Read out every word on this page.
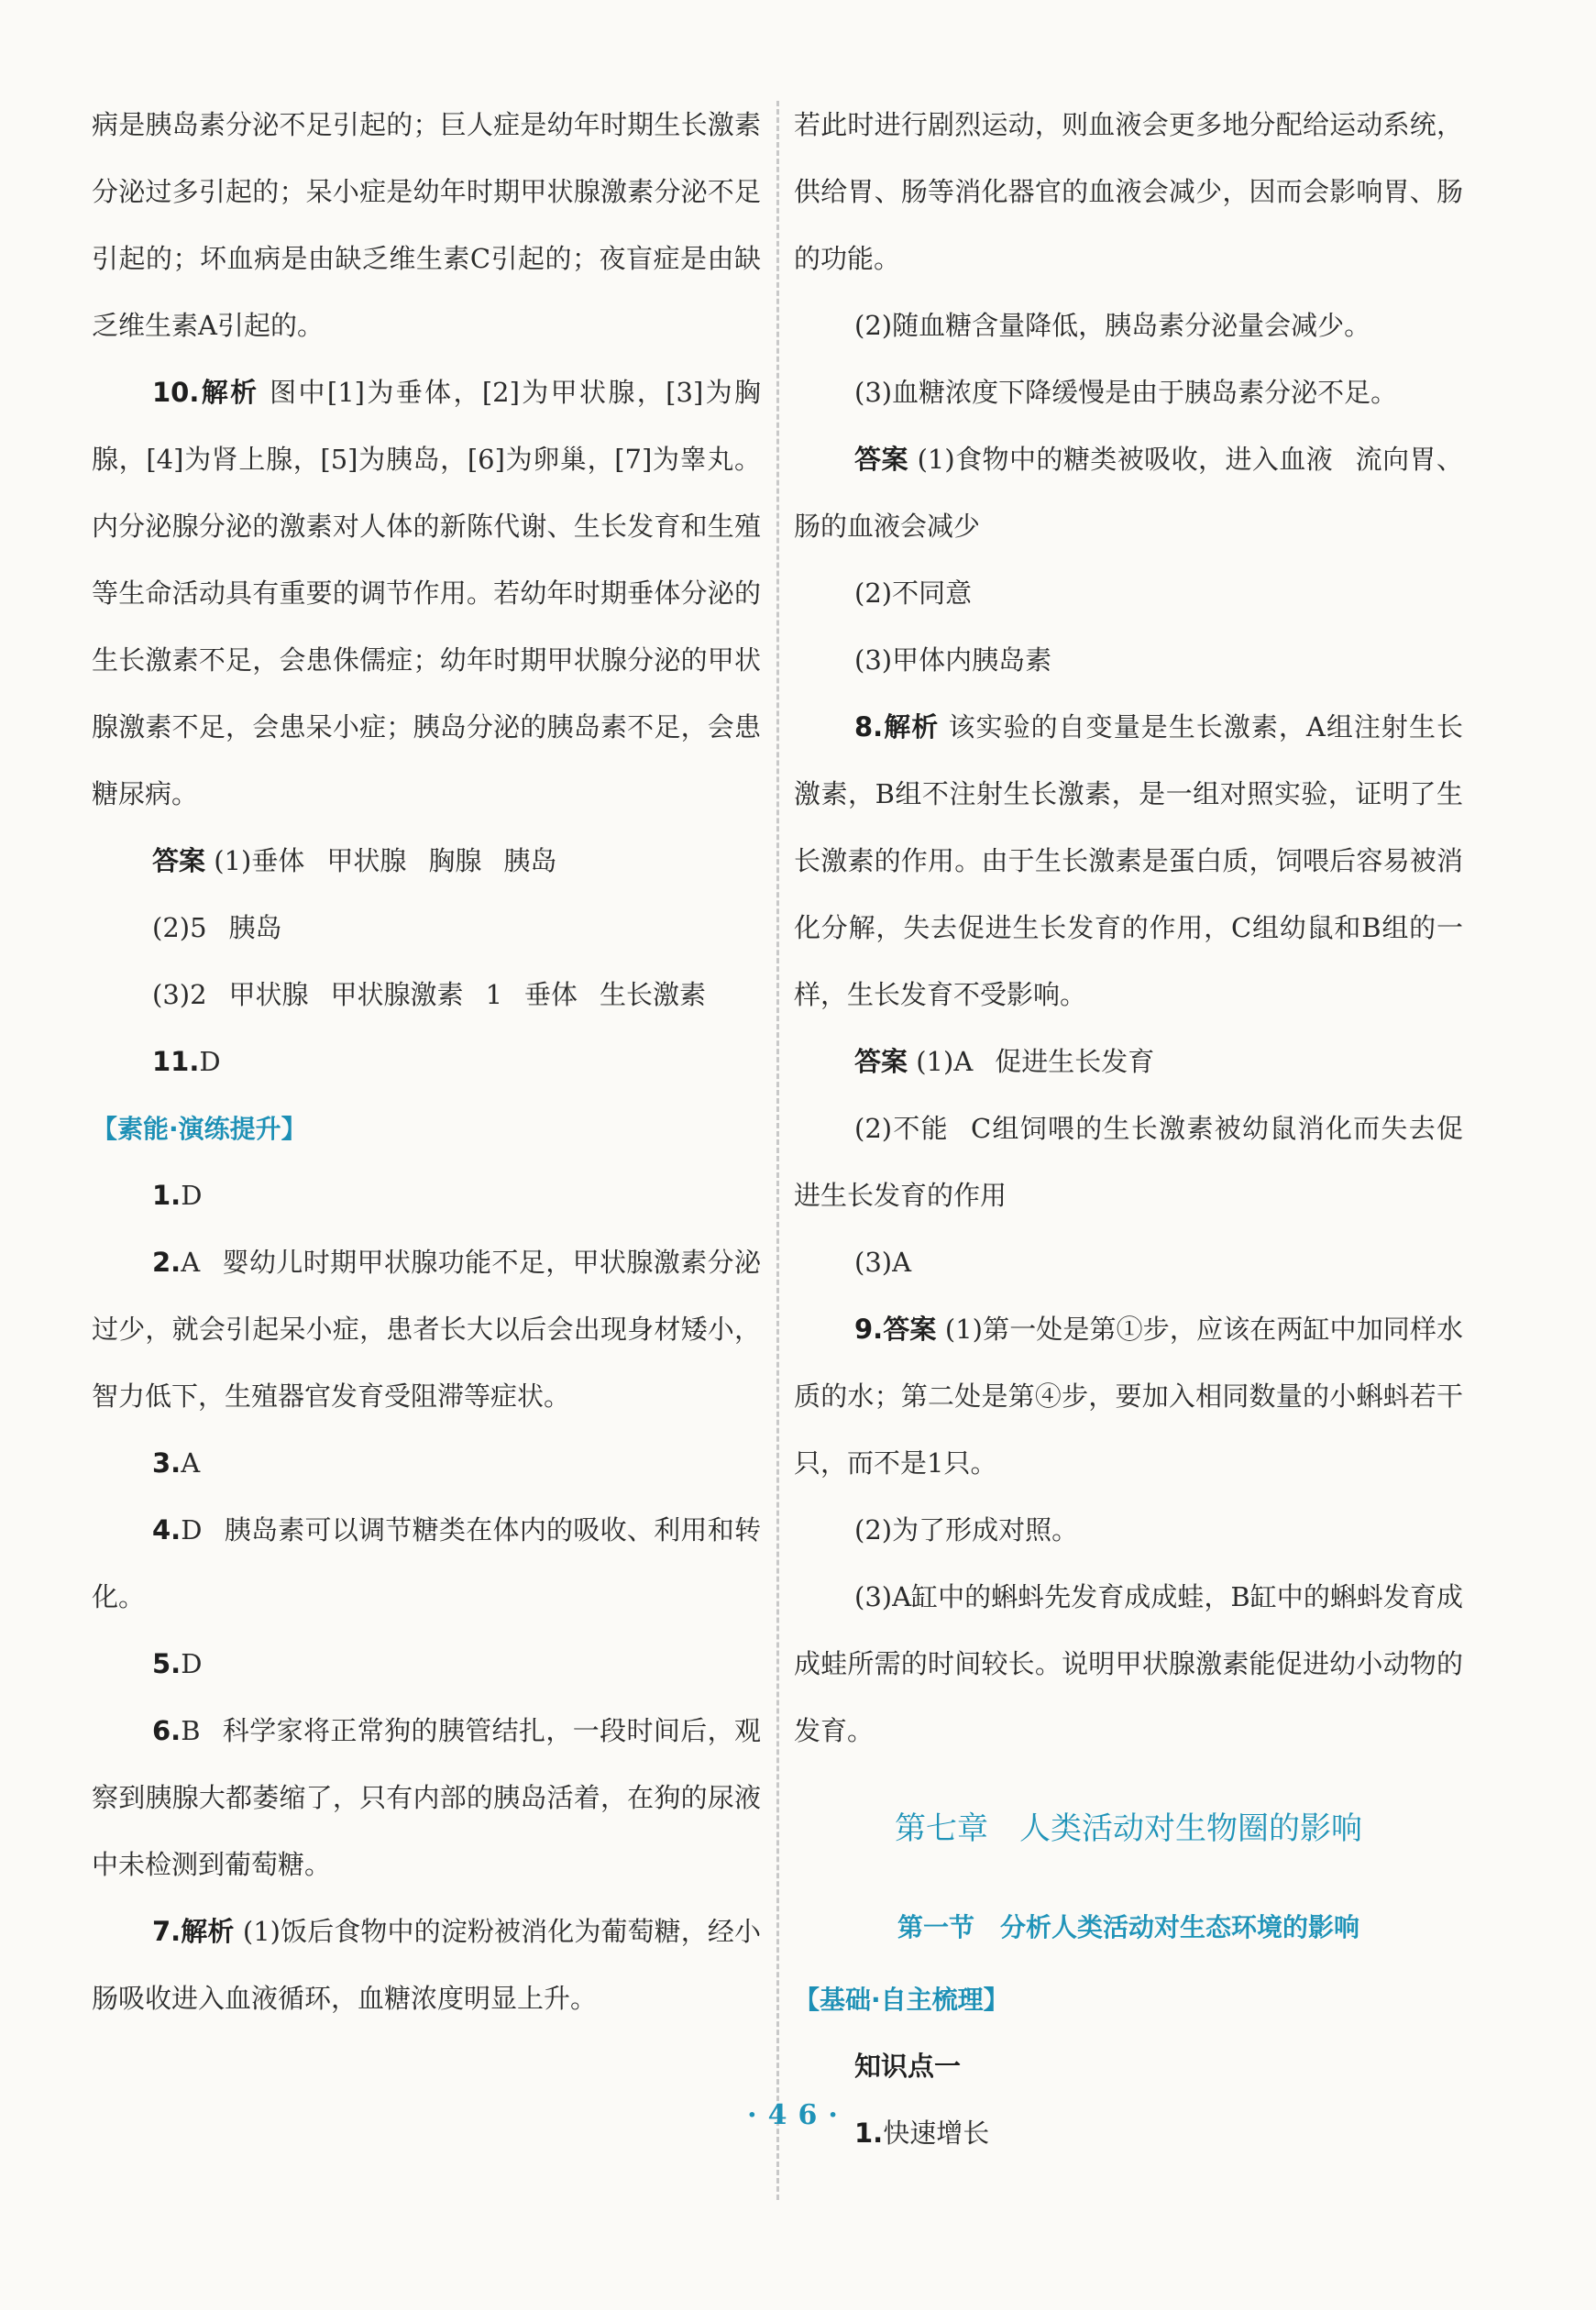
病是胰岛素分泌不足引起的；巨人症是幼年时期生长激素分泌过多引起的；呆小症是幼年时期甲状腺激素分泌不足引起的；坏血病是由缺乏维生素C引起的；夜盲症是由缺乏维生素A引起的。

10.解析 图中[1]为垂体，[2]为甲状腺，[3]为胸腺，[4]为肾上腺，[5]为胰岛，[6]为卵巢，[7]为睾丸。内分泌腺分泌的激素对人体的新陈代谢、生长发育和生殖等生命活动具有重要的调节作用。若幼年时期垂体分泌的生长激素不足，会患侏儒症；幼年时期甲状腺分泌的甲状腺激素不足，会患呆小症；胰岛分泌的胰岛素不足，会患糖尿病。

答案 (1)垂体 甲状腺 胸腺 胰岛

(2)5 胰岛

(3)2 甲状腺 甲状腺激素 1 垂体 生长激素

11.D

【素能·演练提升】

1.D

2.A 婴幼儿时期甲状腺功能不足，甲状腺激素分泌过少，就会引起呆小症，患者长大以后会出现身材矮小，智力低下，生殖器官发育受阻滞等症状。

3.A

4.D 胰岛素可以调节糖类在体内的吸收、利用和转化。

5.D

6.B 科学家将正常狗的胰管结扎，一段时间后，观察到胰腺大都萎缩了，只有内部的胰岛活着，在狗的尿液中未检测到葡萄糖。

7.解析 (1)饭后食物中的淀粉被消化为葡萄糖，经小肠吸收进入血液循环，血糖浓度明显上升。

若此时进行剧烈运动，则血液会更多地分配给运动系统，供给胃、肠等消化器官的血液会减少，因而会影响胃、肠的功能。

(2)随血糖含量降低，胰岛素分泌量会减少。

(3)血糖浓度下降缓慢是由于胰岛素分泌不足。

答案 (1)食物中的糖类被吸收，进入血液 流向胃、肠的血液会减少

(2)不同意

(3)甲体内胰岛素

8.解析 该实验的自变量是生长激素，A组注射生长激素，B组不注射生长激素，是一组对照实验，证明了生长激素的作用。由于生长激素是蛋白质，饲喂后容易被消化分解，失去促进生长发育的作用，C组幼鼠和B组的一样，生长发育不受影响。

答案 (1)A 促进生长发育

(2)不能 C组饲喂的生长激素被幼鼠消化而失去促进生长发育的作用

(3)A

9.答案 (1)第一处是第①步，应该在两缸中加同样水质的水；第二处是第④步，要加入相同数量的小蝌蚪若干只，而不是1只。

(2)为了形成对照。

(3)A缸中的蝌蚪先发育成成蛙，B缸中的蝌蚪发育成成蛙所需的时间较长。说明甲状腺激素能促进幼小动物的发育。

第七章　人类活动对生物圈的影响

第一节　分析人类活动对生态环境的影响

【基础·自主梳理】

知识点一

1.快速增长

·46·
